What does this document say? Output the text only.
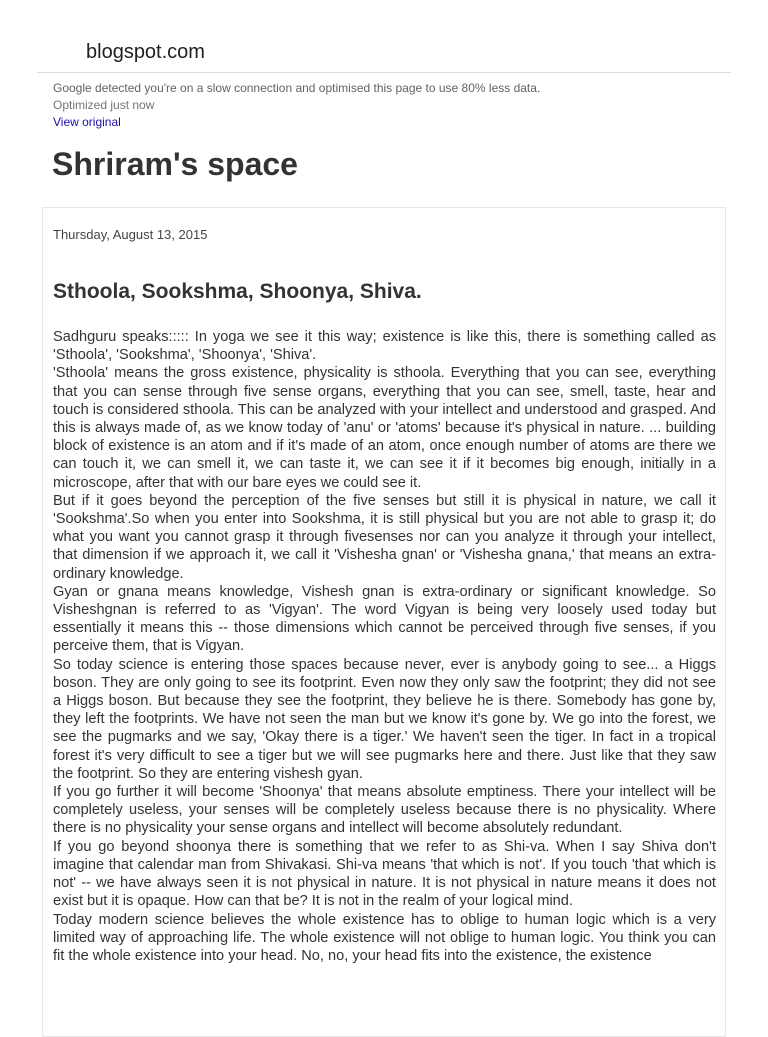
blogspot.com
Google detected you're on a slow connection and optimised this page to use 80% less data.
Optimized just now
View original
Shriram's space
Thursday, August 13, 2015
Sthoola, Sookshma, Shoonya, Shiva.

Sadhguru speaks::::: In yoga we see it this way; existence is like this, there is something called as 'Sthoola', 'Sookshma', 'Shoonya', 'Shiva'.

'Sthoola' means the gross existence, physicality is sthoola. Everything that you can see, everything that you can sense through five sense organs, everything that you can see, smell, taste, hear and touch is considered sthoola. This can be analyzed with your intellect and understood and grasped. And this is always made of, as we know today of 'anu' or 'atoms' because it's physical in nature. ... building block of existence is an atom and if it's made of an atom, once enough number of atoms are there we can touch it, we can smell it, we can taste it, we can see it if it becomes big enough, initially in a microscope, after that with our bare eyes we could see it.

But if it goes beyond the perception of the five senses but still it is physical in nature, we call it 'Sookshma'.So when you enter into Sookshma, it is still physical but you are not able to grasp it; do what you want you cannot grasp it through fivesenses nor can you analyze it through your intellect, that dimension if we approach it, we call it 'Vishesha gnan' or 'Vishesha gnana,' that means an extra-ordinary knowledge.

Gyan or gnana means knowledge, Vishesh gnan is extra-ordinary or significant knowledge. So Visheshgnan is referred to as 'Vigyan'. The word Vigyan is being very loosely used today but essentially it means this -- those dimensions which cannot be perceived through five senses, if you perceive them, that is Vigyan.

So today science is entering those spaces because never, ever is anybody going to see... a Higgs boson. They are only going to see its footprint. Even now they only saw the footprint; they did not see a Higgs boson. But because they see the footprint, they believe he is there. Somebody has gone by, they left the footprints. We have not seen the man but we know it's gone by. We go into the forest, we see the pugmarks and we say, 'Okay there is a tiger.' We haven't seen the tiger. In fact in a tropical forest it's very difficult to see a tiger but we will see pugmarks here and there. Just like that they saw the footprint. So they are entering vishesh gyan.

If you go further it will become 'Shoonya' that means absolute emptiness. There your intellect will be completely useless, your senses will be completely useless because there is no physicality. Where there is no physicality your sense organs and intellect will become absolutely redundant.

If you go beyond shoonya there is something that we refer to as Shi-va. When I say Shiva don't imagine that calendar man from Shivakasi. Shi-va means 'that which is not'. If you touch 'that which is not' -- we have always seen it is not physical in nature. It is not physical in nature means it does not exist but it is opaque. How can that be? It is not in the realm of your logical mind.

Today modern science believes the whole existence has to oblige to human logic which is a very limited way of approaching life. The whole existence will not oblige to human logic. You think you can fit the whole existence into your head. No, no, your head fits into the existence, the existence
